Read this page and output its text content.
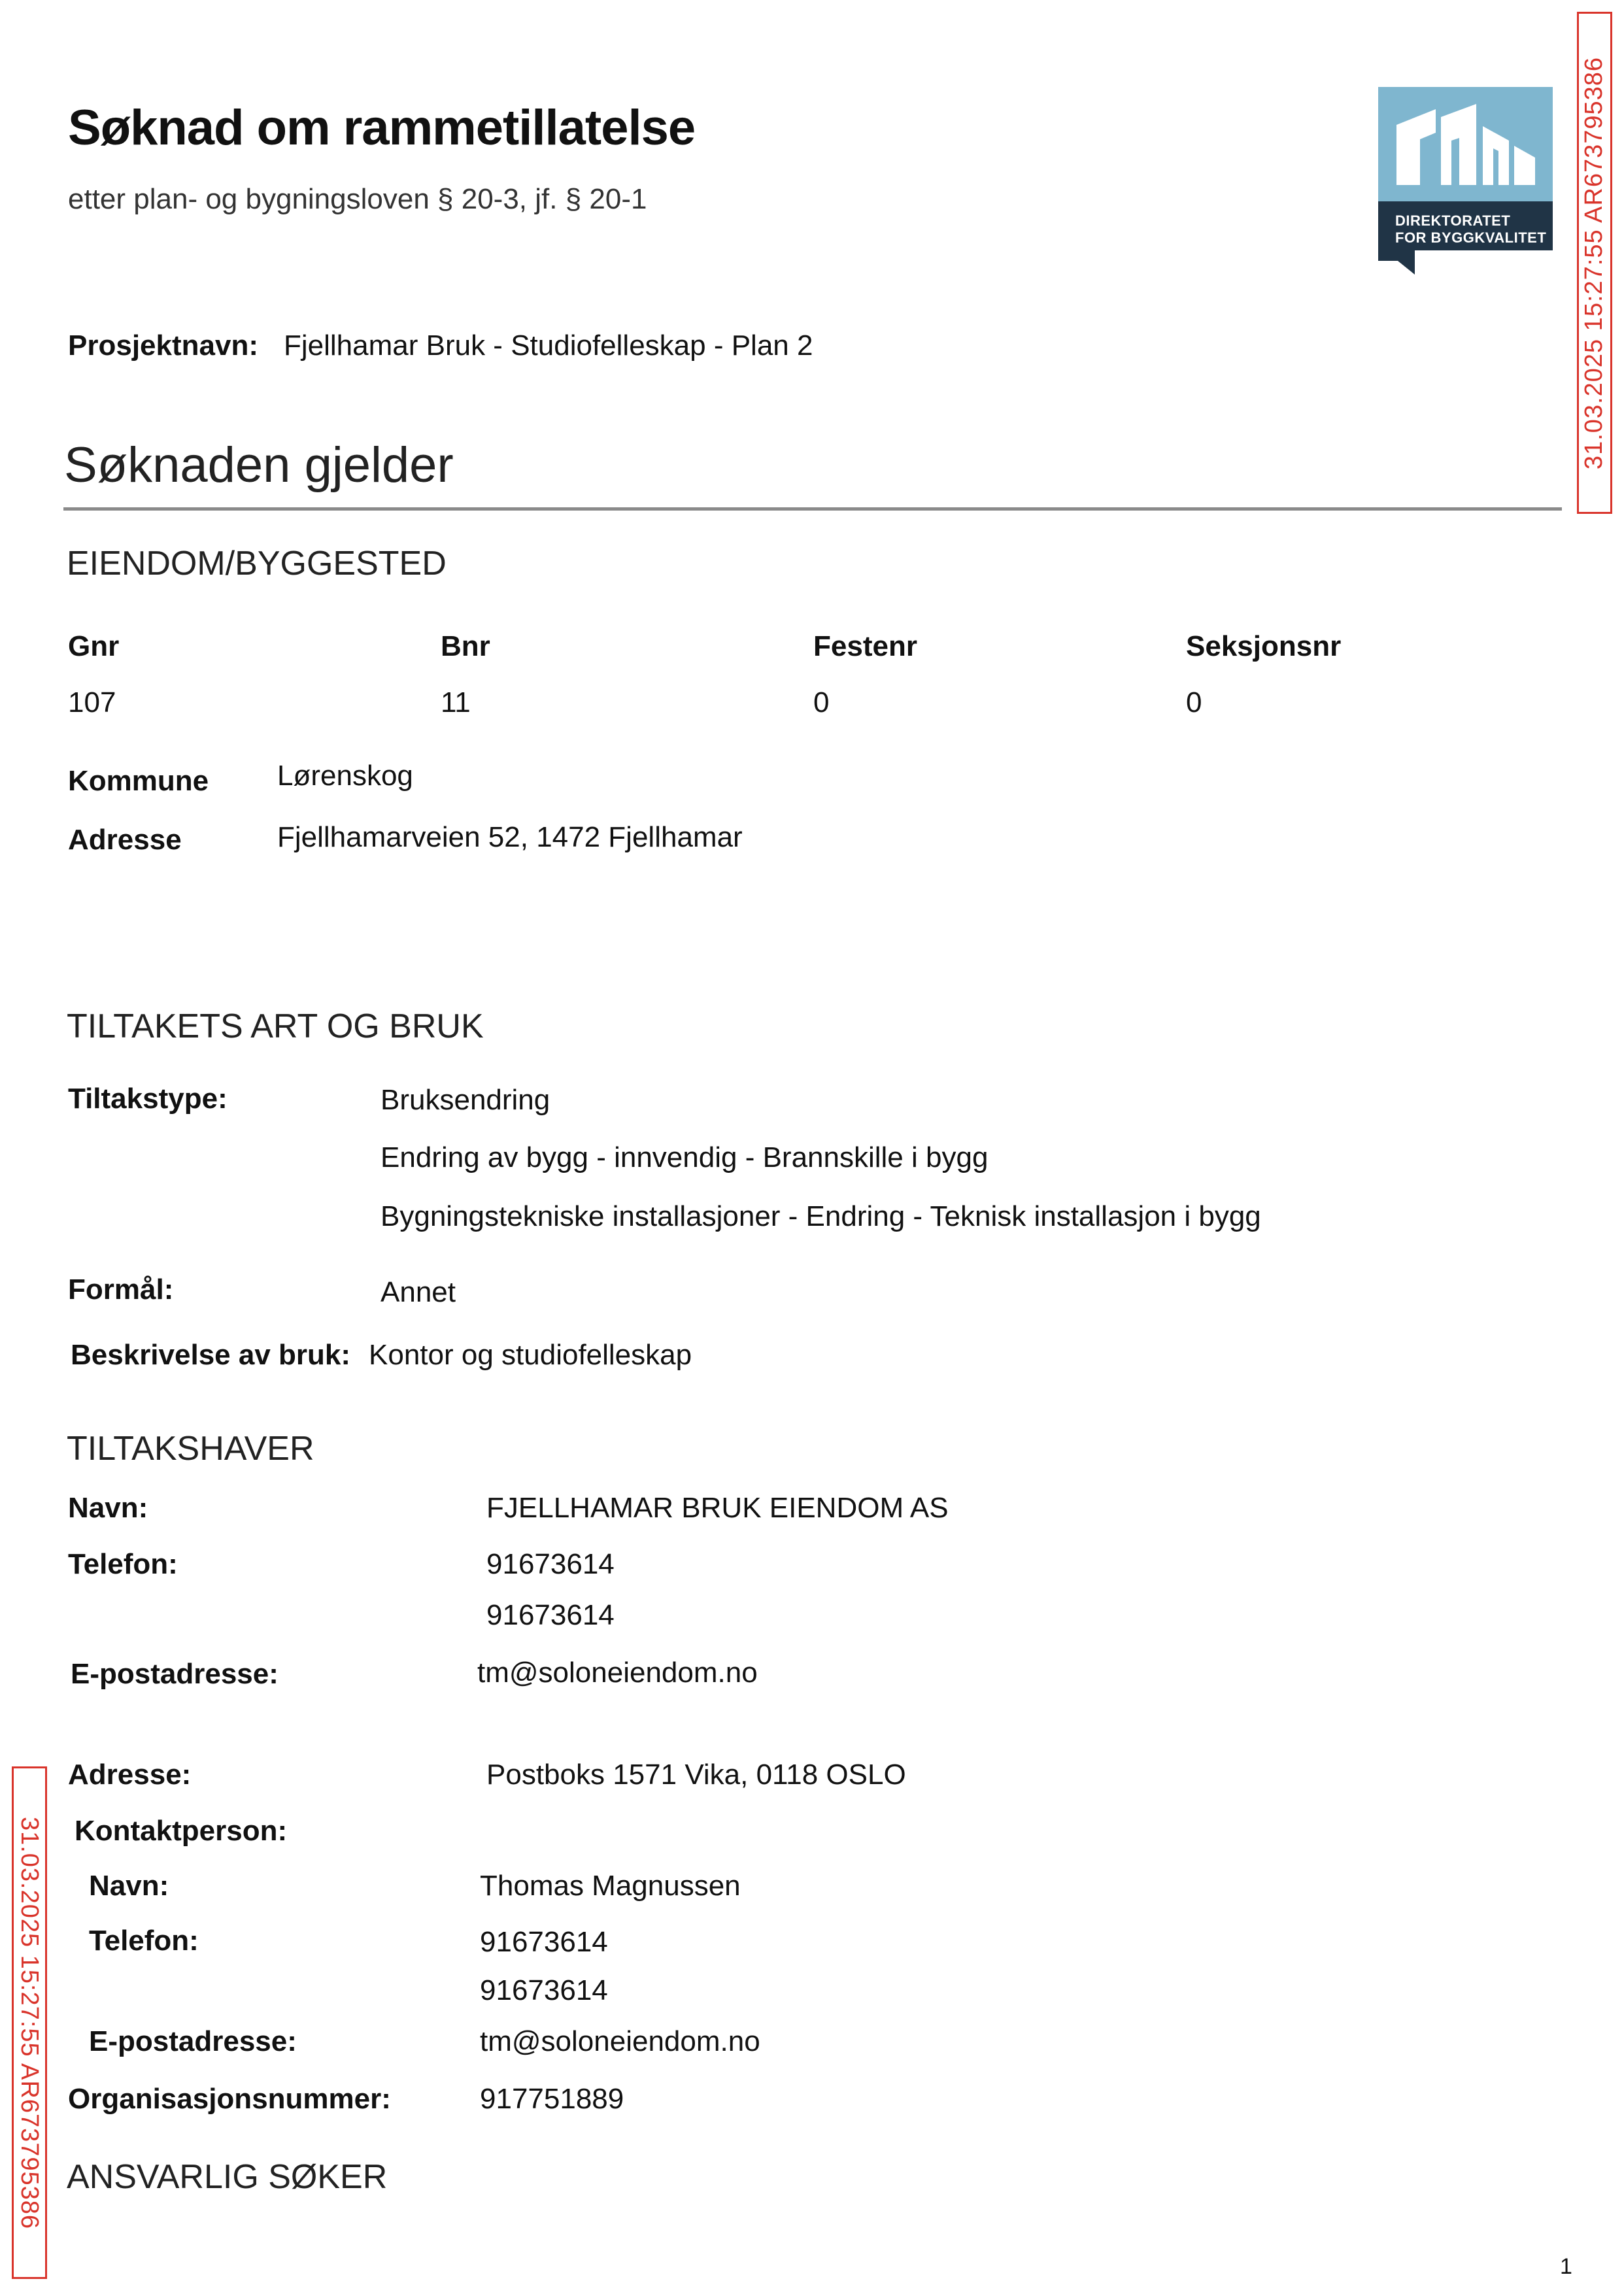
Søknad om rammetillatelse
etter plan- og bygningsloven § 20-3, jf. § 20-1
Prosjektnavn: Fjellhamar Bruk - Studiofelleskap - Plan 2
DIREKTORATET
FOR BYGGKVALITET
Søknaden gjelder
EIENDOM/BYGGESTED
Gnr	Bnr	Festenr	Seksjonsnr
107	11	0	0
Kommune Lørenskog
Adresse	Fjellhamarveien 52, 1472 Fjellhamar
TILTAKETS ART OG BRUK
Tiltakstype:	Bruksendring
Endring av bygg - innvendig - Brannskille i bygg
Bygningstekniske installasjoner - Endring - Teknisk installasjon i bygg
Formål:	Annet
Beskrivelse av bruk: Kontor og studiofelleskap
TILTAKSHAVER
Navn:	FJELLHAMAR BRUK EIENDOM AS
Telefon:	91673614
91673614
E-postadresse:	tm@soloneiendom.no
Adresse:	Postboks 1571 Vika, 0118 OSLO
Kontaktperson:
Navn:	Thomas Magnussen
Telefon:	91673614
91673614
E-postadresse:	tm@soloneiendom.no
Organisasjonsnummer:	917751889
ANSVARLIG SØKER
31.03.2025 15:27:55 AR673795386
31.03.2025 15:27:55 AR673795386
1
